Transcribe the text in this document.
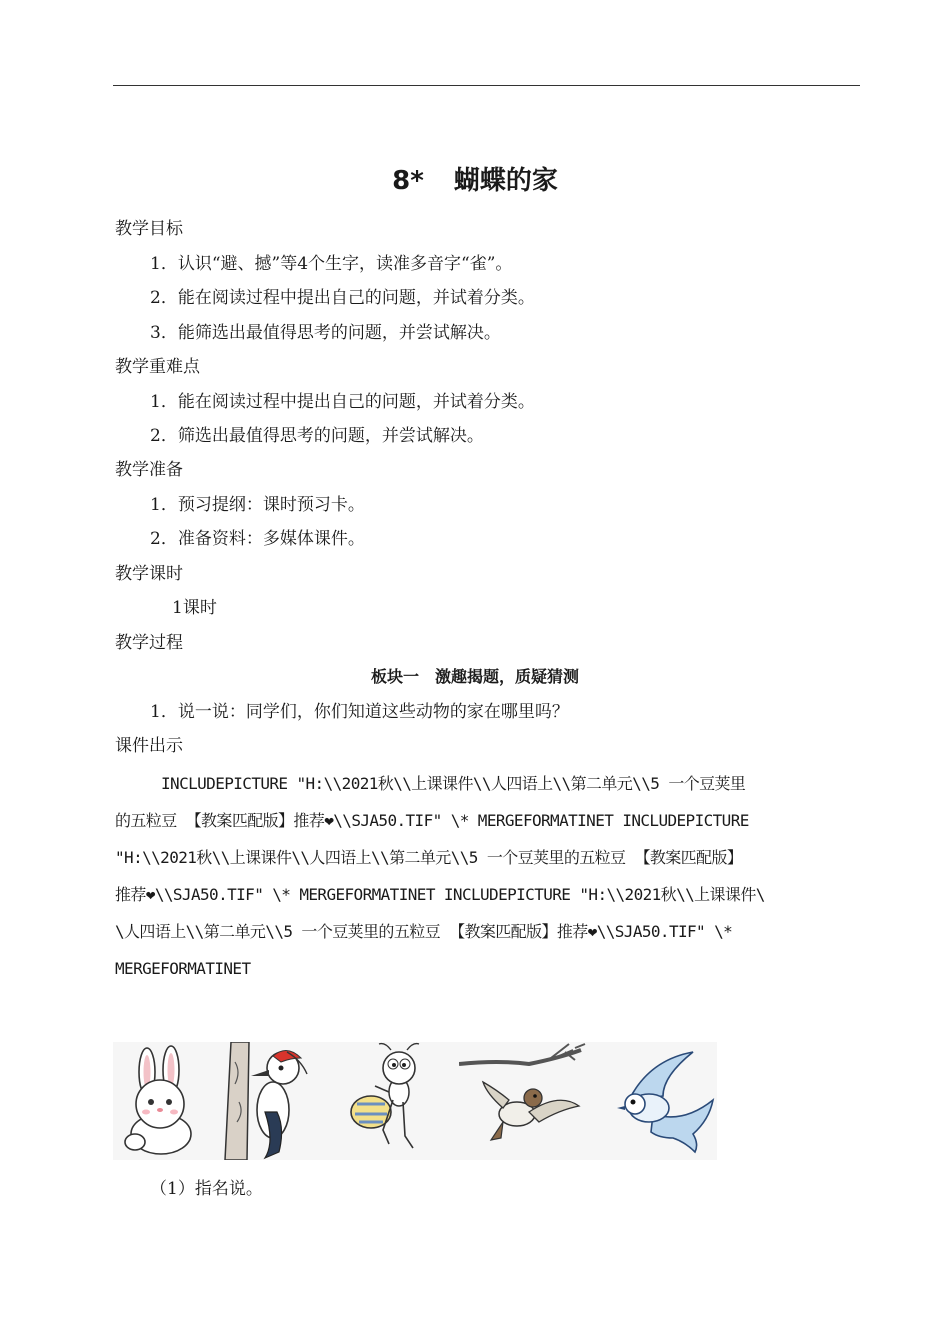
8* 蝴蝶的家
教学目标
1．认识“避、撼”等4个生字，读准多音字“雀”。
2．能在阅读过程中提出自己的问题，并试着分类。
3．能筛选出最值得思考的问题，并尝试解决。
教学重难点
1．能在阅读过程中提出自己的问题，并试着分类。
2．筛选出最值得思考的问题，并尝试解决。
教学准备
1．预习提纲：课时预习卡。
2．准备资料：多媒体课件。
教学课时
1课时
教学过程
板块一　激趣揭题，质疑猜测
1．说一说：同学们，你们知道这些动物的家在哪里吗？
课件出示
INCLUDEPICTURE "H:\\2021秋\\上课课件\\人四语上\\第二单元\\5 一个豆荚里
的五粒豆 【教案匹配版】推荐❤\\SJA50.TIF" \* MERGEFORMATINET INCLUDEPICTURE
"H:\\2021秋\\上课课件\\人四语上\\第二单元\\5 一个豆荚里的五粒豆 【教案匹配版】
推荐❤\\SJA50.TIF" \* MERGEFORMATINET INCLUDEPICTURE "H:\\2021秋\\上课课件\
\人四语上\\第二单元\\5 一个豆荚里的五粒豆 【教案匹配版】推荐❤\\SJA50.TIF" \*
MERGEFORMATINET
（1）指名说。
